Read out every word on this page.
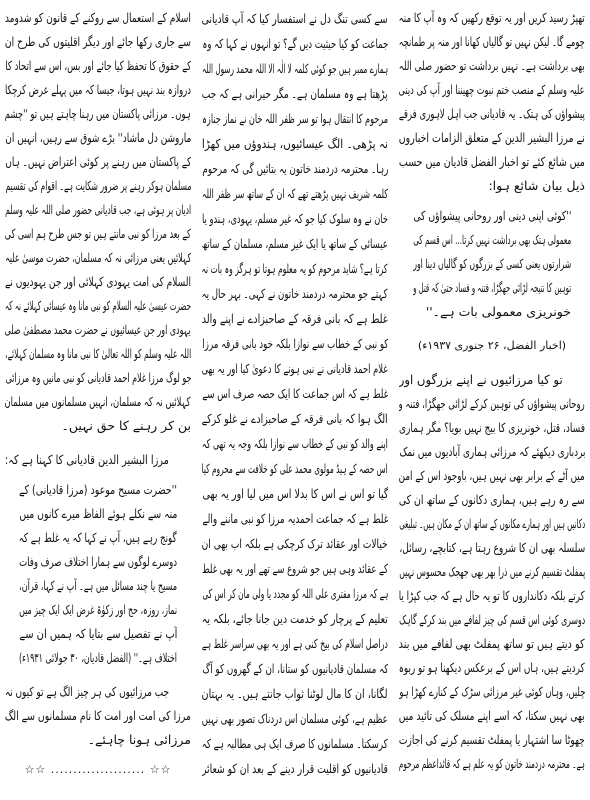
تھپڑ رسید کریں اور یہ توقع رکھیں کہ وہ آپ کا منہ
چومے گا۔ لیکن نہیں تو گالیاں کھانا اور منہ پر طمانچہ
بھی برداشت ہے۔ نہیں برداشت تو حضور صلی اللہ
علیہ وسلم کے منصب ختم نبوت چھیننا اور آپ کی دینی
پیشواؤں کی ہتک۔ یہ قادیانی جب اہل لاہوری فرقے
نے مرزا البشیر الدین کے متعلق الزامات اخباروں
میں شائع کئے تو اخبار الفضل قادیان میں حسب
ذیل بیان شائع ہوا:
''کوئی اپنی دینی اور روحانی پیشواؤں کی
معمولی ہتک بھی برداشت نہیں کرتا... اس قسم کی
شرارتوں یعنی کسی کے بزرگوں کو گالیاں دینا اور
توہین کا نتیجہ لڑائی جھگڑا، فتنہ و فساد حتیٰ کہ قتل و
خونریزی معمولی بات ہے۔''
(اخبار الفضل، ۲۶ جنوری ۱۹۳۷ء)
تو کیا مرزائیوں نے اپنے بزرگوں اور
روحانی پیشواؤں کی توہین کرکے لڑائی جھگڑا، فتنہ و
فساد، قتل، خونریزی کا بیج نہیں بویا؟ مگر ہماری
بردباری دیکھئے کہ مرزائی ہماری آبادیوں میں نمک
میں آٹے کے برابر بھی نہیں ہیں، باوجود اس کے امن
سے رہ رہے ہیں، ہماری دکانوں کے ساتھ ان کی
دکانیں ہیں اور ہمارے مکانوں کے ساتھ ان کے مکان ہیں۔ تبلیغی
سلسلہ بھی ان کا شروع رہتا ہے، کتابچے، رسائل،
پمفلٹ تقسیم کرنے میں ذرا بھر بھی جھجک محسوس نہیں
کرتے بلکہ دکانداروں کا تو یہ حال ہے کہ جب کپڑا یا
دوسری کوئی اس قسم کی چیز لفافے میں بند کرکے گاہک
کو دیتے ہیں تو ساتھ پمفلٹ بھی لفافے میں بند
کردیتے ہیں، ہاں اس کے برعکس دیکھنا ہو تو ربوہ
چلیں، وہاں کوئی غیر مرزائی سڑک کے کنارے کھڑا ہو
بھی نہیں سکتا، کہ اسے اپنے مسلک کی تائید میں
چھوٹا سا اشتہار یا پمفلٹ تقسیم کرنے کی اجازت
ہے۔ محترمہ دردمند خاتون کو یہ علم ہے کہ قائداعظم مرحوم
سے کسی تنگ دل نے استفسار کیا کہ آپ قادیانی
جماعت کو کیا حیثیت دیں گے؟ تو انہوں نے کہا کہ وہ
ہمارے ممبر ہیں جو کوئی کلمہ لا الٰہ الا اللہ محمد رسول اللہ
پڑھتا ہے وہ مسلمان ہے۔ مگر حیرانی ہے کہ جب
مرحوم کا انتقال ہوا تو سر ظفر اللہ خان نے نماز جنازہ
نہ پڑھی۔ الگ عیسائیوں، ہندوؤں میں کھڑا
رہا۔ محترمہ دردمند خاتون یہ بتائیں گی کہ مرحوم
کلمہ شریف نہیں پڑھتے تھے کہ ان کے ساتھ سر ظفر اللہ
خان نے وہ سلوک کیا جو کہ غیر مسلم، یہودی، ہندو یا
عیسائی کے ساتھ یا ایک غیر مسلم، مسلمان کے ساتھ
کرتا ہے؟ شاید مرحوم کو یہ معلوم ہوتا تو ہرگز وہ بات نہ
کہتے جو محترمہ دردمند خاتون نے کہی۔ بہر حال یہ
غلط ہے کہ بانی فرقہ کے صاحبزادے نے اپنے والد
کو نبی کے خطاب سے نوازا بلکہ خود بانی فرقہ مرزا
غلام احمد قادیانی نے نبی ہونے کا دعویٰ کیا اور یہ بھی
غلط ہے کہ اس جماعت کا ایک حصہ صرف اس سے
الگ ہوا کہ بانی فرقہ کے صاحبزادے نے غلو کرکے
اپنے والد کو نبی کے خطاب سے نوازا بلکہ وجہ یہ تھی کہ
اس حصہ کے ہیڈ مولوی محمد علی کو خلافت سے محروم کیا
گیا تو اس نے اس کا بدلا اس میں لیا اور یہ بھی
غلط ہے کہ جماعت احمدیہ مرزا کو نبی ماننے والے
خیالات اور عقائد ترک کرچکی ہے بلکہ اب بھی ان
کے عقائد وہی ہیں جو شروع سے تھے اور یہ بھی غلط
ہے کہ مرزا مفتری علی اللہ کو مجدد یا ولی مان کر اس کی
تعلیم کے پرچار کو خدمت دین جانا جائے، بلکہ یہ
دراصل اسلام کی بیخ کنی ہے اور یہ بھی سراسر غلط ہے
کہ مسلمان قادیانیوں کو ستانا، ان کے گھروں کو آگ
لگانا، ان کا مال لوٹنا ثواب جانتے ہیں۔ یہ بہتان
عظیم ہے، کوئی مسلمان اس دردناک تصور بھی نہیں
کرسکتا۔ مسلمانوں کا صرف ایک ہی مطالبہ ہے کہ
قادیانیوں کو اقلیت قرار دینے کے بعد ان کو شعائر
اسلام کے استعمال سے روکنے کے قانون کو شدومد
سے جاری رکھا جائے اور دیگر اقلیتوں کی طرح ان
کے حقوق کا تحفظ کیا جائے اور بس، اس سے اتحاد کا
دروازہ بند نہیں ہوتا، جیسا کہ میں پہلے عرض کرچکا
ہوں۔ مرزائی پاکستان میں رہنا چاہتے ہیں تو ''چشم
ماروشن دل ماشاد'' بڑے شوق سے رہیں، انہیں ان
کے پاکستان میں رہنے پر کوئی اعتراض نہیں۔ ہاں
مسلمان ہوکر رہنے پر ضرور شکایت ہے۔ اقوام کی تقسیم
ادیان پر ہوئی ہے، جب قادیانی حضور صلی اللہ علیہ وسلم
کے بعد مرزا کو نبی مانتے ہیں تو جس طرح ہم اسی کی
کہلائیں یعنی مرزائی نہ کہ مسلمان، حضرت موسیٰ علیہ
السلام کی امت یہودی کہلائی اور جن یہودیوں نے
حضرت عیسیٰ علیہ السلام کو نبی مانا وہ عیسائی کہلائے نہ کہ
یہودی اور جن عیسائیوں نے حضرت محمد مصطفیٰ صلی
اللہ علیہ وسلم کو اللہ تعالیٰ کا نبی مانا وہ مسلمان کہلائے،
جو لوگ مرزا غلام احمد قادیانی کو نبی مانیں وہ مرزائی
کہلائیں نہ کہ مسلمان، انہیں مسلمانوں میں مسلمان
بن کر رہنے کا حق نہیں۔
مرزا البشیر الدین قادیانی کا کہنا ہے کہ:
''حضرت مسیح موعود (مرزا قادیانی) کے
منہ سے نکلے ہوئے الفاظ میرے کانوں میں
گونج رہے ہیں، آپ نے کہا کہ یہ غلط ہے کہ
دوسرے لوگوں سے ہمارا اختلاف صرف وفات
مسیح یا چند مسائل میں ہے۔ آپ نے کہا، قرآن،
نماز، روزہ، حج اور زکوٰۃ غرض ایک ایک چیز میں
آپ نے تفصیل سے بتایا کہ ہمیں ان سے
اختلاف ہے۔'' (الفضل قادیان، ۳۰ جولائی ۱۹۳۱ء)
جب مرزائیوں کی ہر چیز الگ ہے تو کیوں نہ
مرزا کی امت اور امت کا نام مسلمانوں سے الگ
مرزائی ہونا چاہئے۔
☆☆ ..................... ☆☆
